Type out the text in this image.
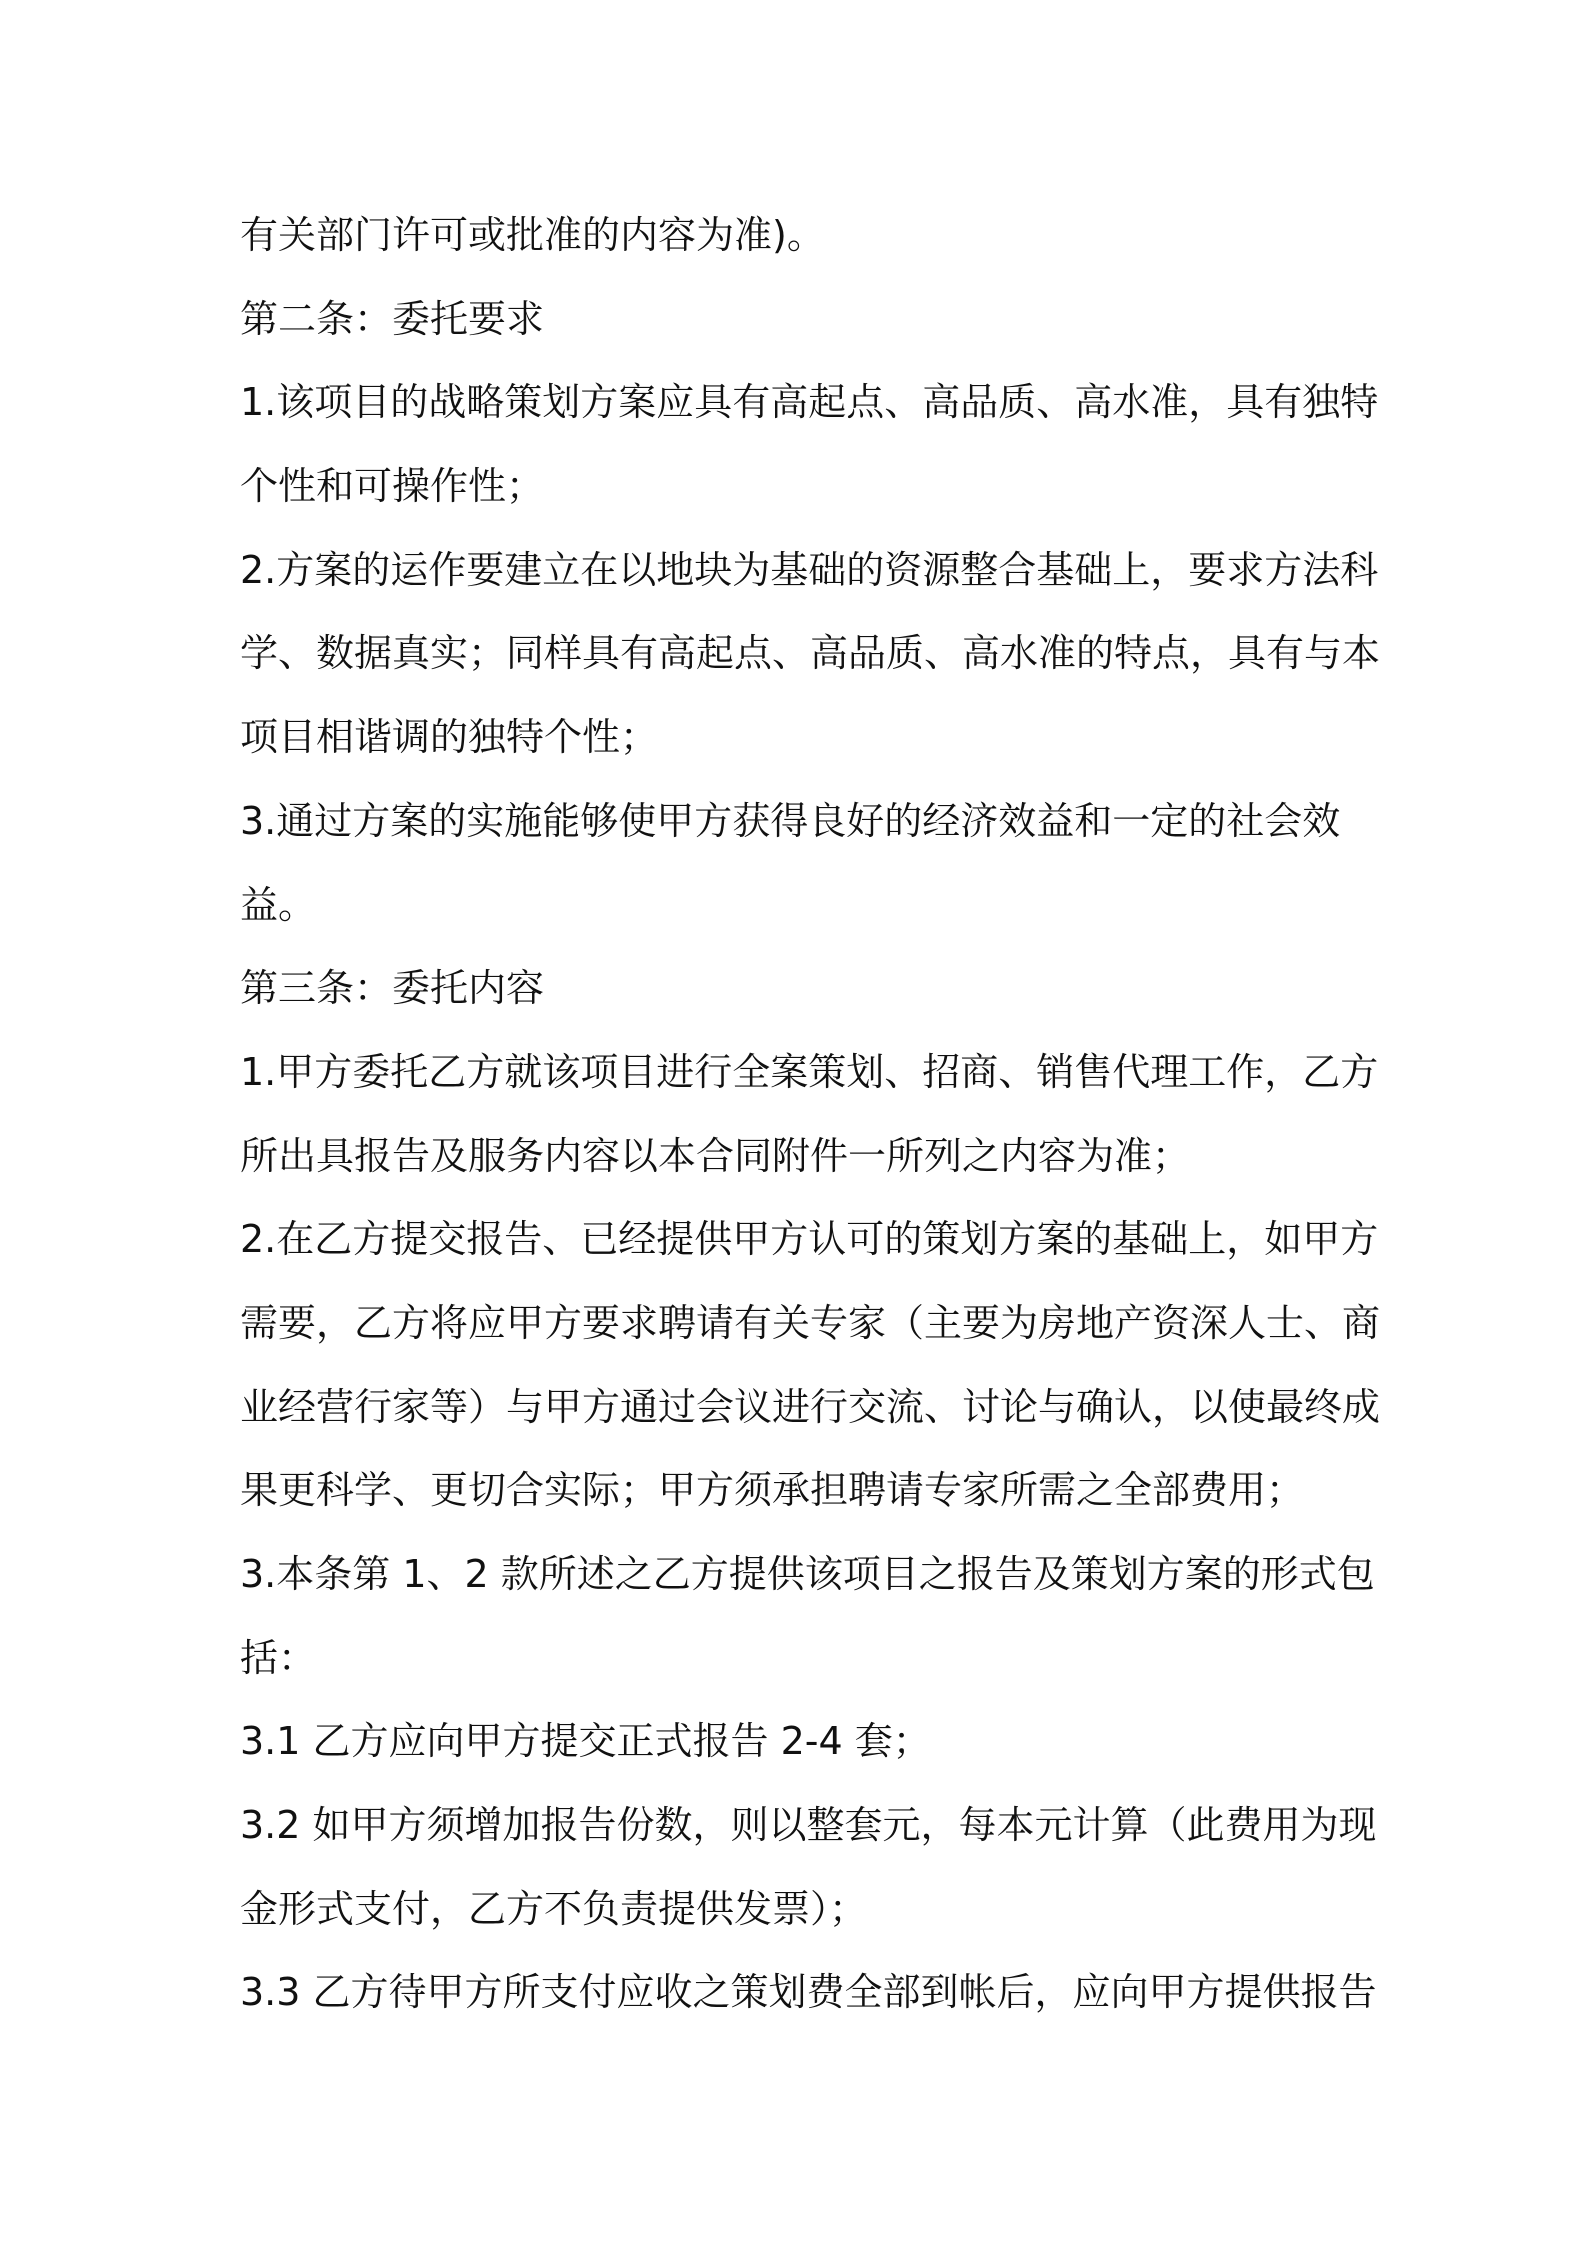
有关部门许可或批准的内容为准)。
第二条：委托要求
1.该项目的战略策划方案应具有高起点、高品质、高水准，具有独特
个性和可操作性；
2.方案的运作要建立在以地块为基础的资源整合基础上，要求方法科
学、数据真实；同样具有高起点、高品质、高水准的特点，具有与本
项目相谐调的独特个性；
3.通过方案的实施能够使甲方获得良好的经济效益和一定的社会效
益。
第三条：委托内容
1.甲方委托乙方就该项目进行全案策划、招商、销售代理工作，乙方
所出具报告及服务内容以本合同附件一所列之内容为准；
2.在乙方提交报告、已经提供甲方认可的策划方案的基础上，如甲方
需要，乙方将应甲方要求聘请有关专家（主要为房地产资深人士、商
业经营行家等）与甲方通过会议进行交流、讨论与确认，以使最终成
果更科学、更切合实际；甲方须承担聘请专家所需之全部费用；
3.本条第 1、2 款所述之乙方提供该项目之报告及策划方案的形式包
括：
3.1 乙方应向甲方提交正式报告 2-4 套；
3.2 如甲方须增加报告份数，则以整套元，每本元计算（此费用为现
金形式支付，乙方不负责提供发票）；
3.3 乙方待甲方所支付应收之策划费全部到帐后，应向甲方提供报告
